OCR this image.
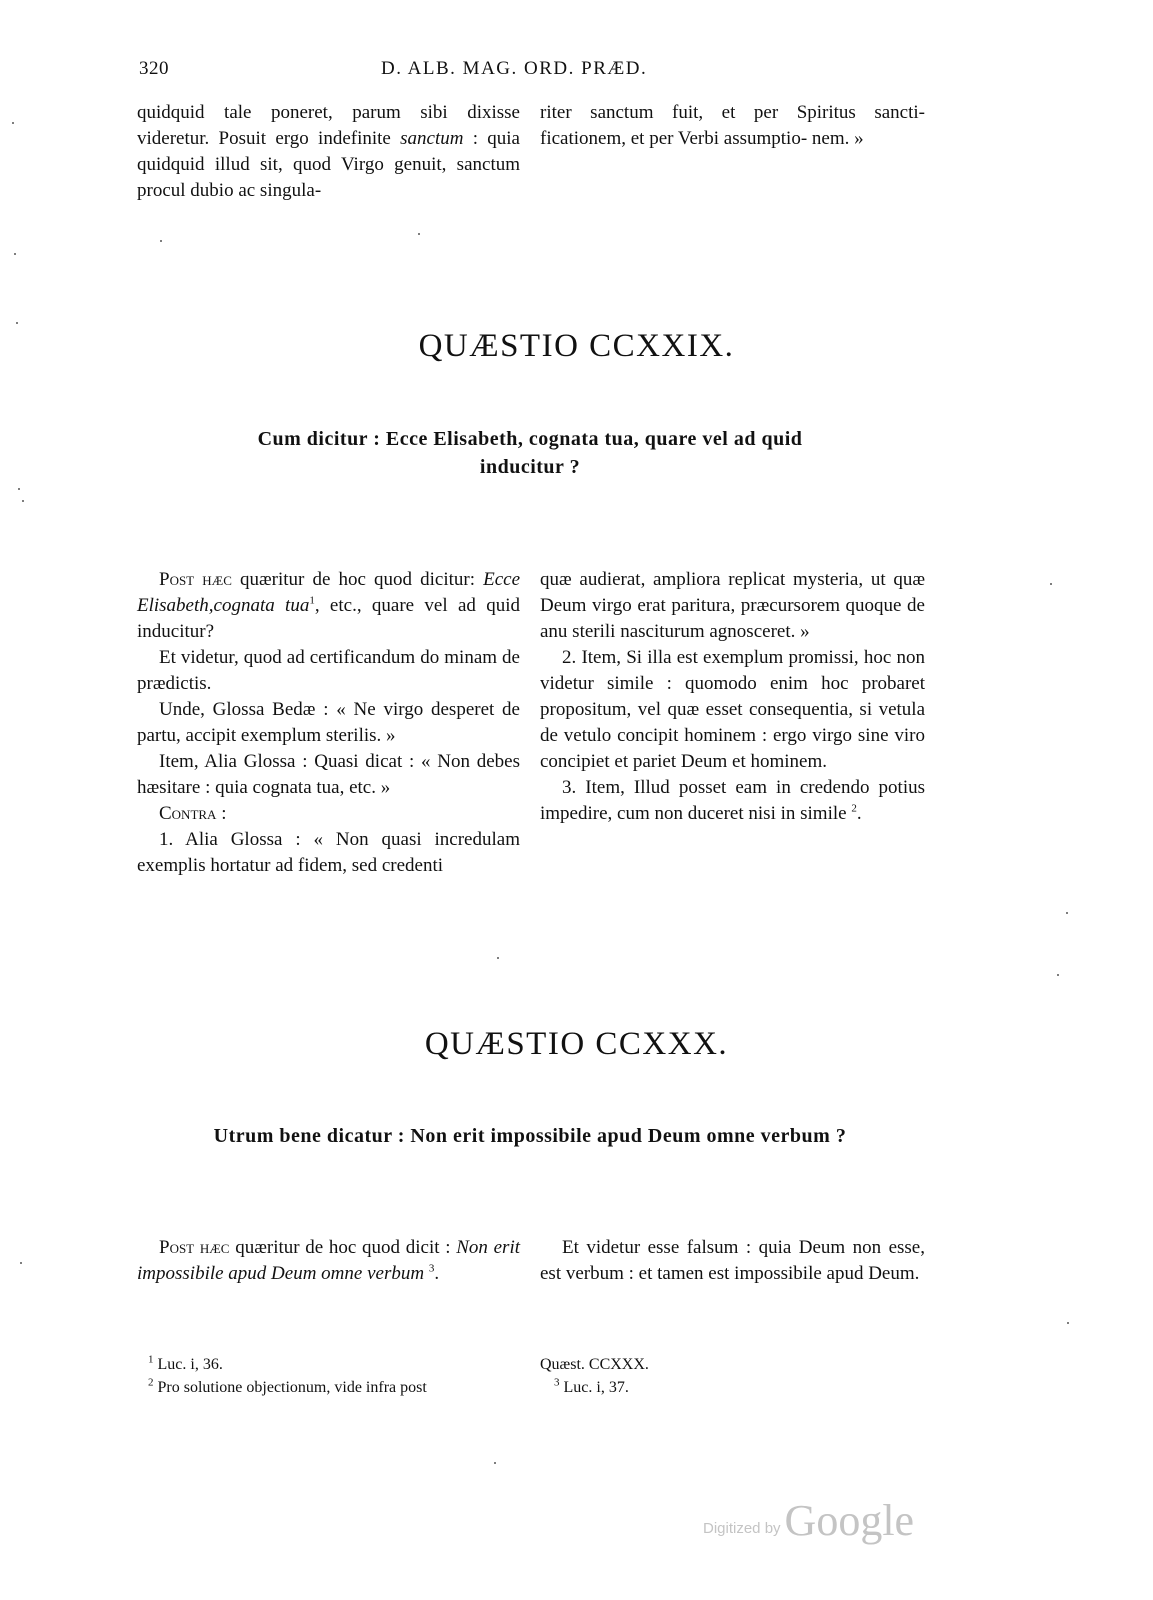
320	D. ALB. MAG. ORD. PRÆD.

quidquid tale poneret, parum sibi dixisse videretur. Posuit ergo indefinite sanctum : quia quidquid illud sit, quod Virgo genuit, sanctum procul dubio ac singula-

riter sanctum fuit, et per Spiritus sancti- ficationem, et per Verbi assumptio- nem. »

QUÆSTIO CCXXIX.
Cum dicitur : Ecce Elisabeth, cognata tua, quare vel ad quid
inducitur ?

Post hæc quæritur de hoc quod dicitur: Ecce Elisabeth,cognata tua$^1$, etc., quare vel ad quid inducitur?

Et videtur, quod ad certificandum do minam de prædictis.

Unde, Glossa Bedæ : « Ne virgo desperet de partu, accipit exemplum sterilis. »

Item, Alia Glossa : Quasi dicat : « Non debes hæsitare : quia cognata tua, etc. »

Contra :

1. Alia Glossa : « Non quasi incredulam exemplis hortatur ad fidem, sed credenti

quæ audierat, ampliora replicat mysteria, ut quæ Deum virgo erat paritura, præcursorem quoque de anu sterili nasciturum agnosceret. »

2. Item, Si illa est exemplum promissi, hoc non videtur simile : quomodo enim hoc probaret propositum, vel quæ esset consequentia, si vetula de vetulo concipit hominem : ergo virgo sine viro concipiet et pariet Deum et hominem.

3. Item, Illud posset eam in credendo potius impedire, cum non duceret nisi in simile $^2$.

QUÆSTIO CCXXX.
Utrum bene dicatur : Non erit impossibile apud Deum omne verbum ?

Post hæc quæritur de hoc quod dicit : Non erit impossibile apud Deum omne verbum $^3$.

Et videtur esse falsum : quia Deum non esse, est verbum : et tamen est impossibile apud Deum.

$^1$ Luc. i, 36.

$^2$ Pro solutione objectionum, vide infra post

Quæst. CCXXX.

$^3$ Luc. i, 37.

Digitized by Google
